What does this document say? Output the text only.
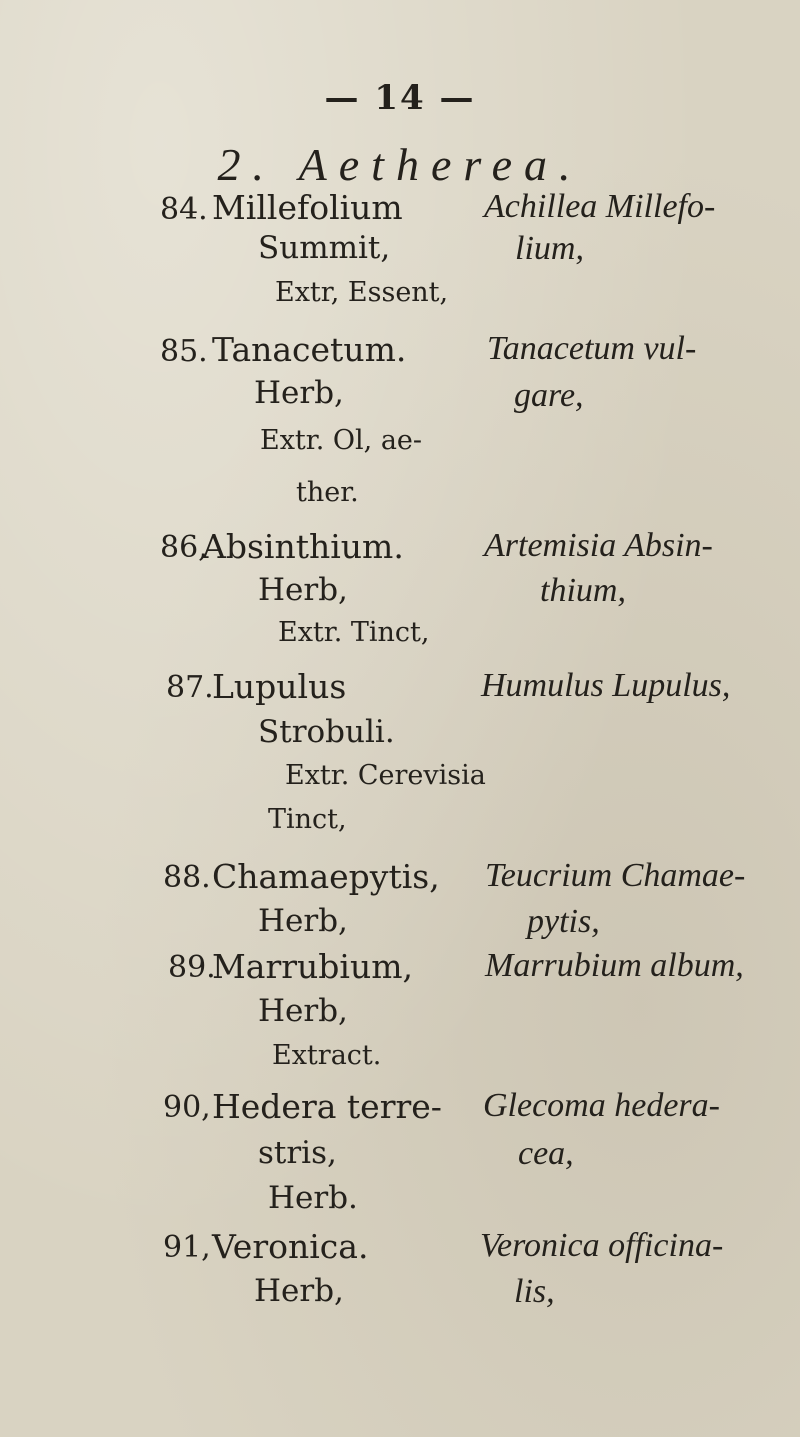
— 14 —
2. Aetherea.
84. Millefolium
Summit,
Extr, Essent,
Achillea Millefo-
lium,
85. Tanacetum.
Herb,
Extr. Ol, ae-
ther.
Tanacetum vul-
gare,
86,
Absinthium.
Herb,
Extr. Tinct,
Artemisia Absin-
thium,
87.
Lupulus
Strobuli.
Extr. Cerevisia
Tinct,
Humulus Lupulus,
88. Chamaepytis,
Herb,
Teucrium Chamae-
pytis,
89.
Marrubium,
Herb,
Extract.
Marrubium album,
90, Hedera terre-
stris,
Herb.
Glecoma hedera-
cea,
91, Veronica.
Herb,
Veronica officina-
lis,
